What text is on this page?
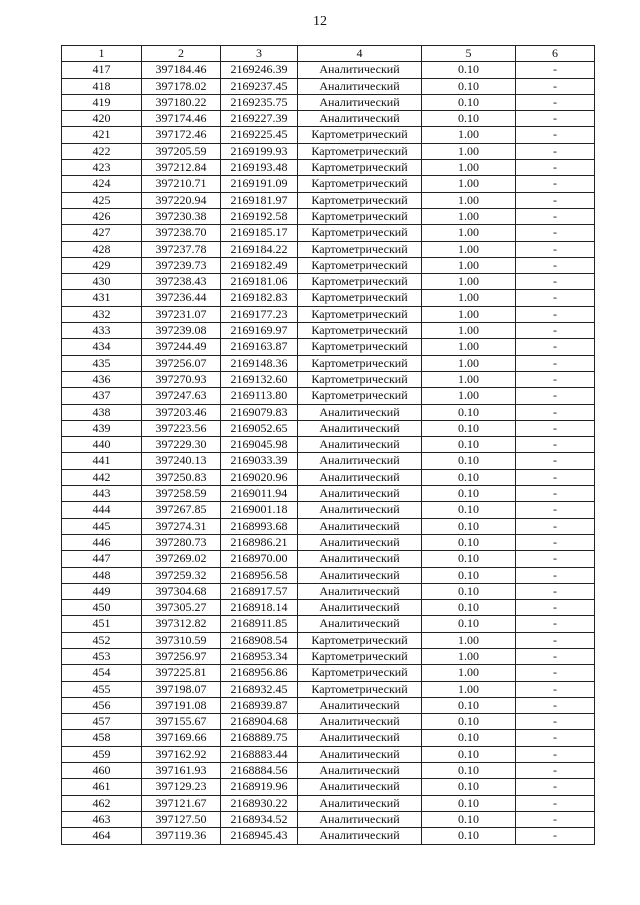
12
1	2	3	4	5	6
417	397184.46	2169246.39	Аналитический	0.10	-
418	397178.02	2169237.45	Аналитический	0.10	-
419	397180.22	2169235.75	Аналитический	0.10	-
420	397174.46	2169227.39	Аналитический	0.10	-
421	397172.46	2169225.45	Картометрический	1.00	-
422	397205.59	2169199.93	Картометрический	1.00	-
423	397212.84	2169193.48	Картометрический	1.00	-
424	397210.71	2169191.09	Картометрический	1.00	-
425	397220.94	2169181.97	Картометрический	1.00	-
426	397230.38	2169192.58	Картометрический	1.00	-
427	397238.70	2169185.17	Картометрический	1.00	-
428	397237.78	2169184.22	Картометрический	1.00	-
429	397239.73	2169182.49	Картометрический	1.00	-
430	397238.43	2169181.06	Картометрический	1.00	-
431	397236.44	2169182.83	Картометрический	1.00	-
432	397231.07	2169177.23	Картометрический	1.00	-
433	397239.08	2169169.97	Картометрический	1.00	-
434	397244.49	2169163.87	Картометрический	1.00	-
435	397256.07	2169148.36	Картометрический	1.00	-
436	397270.93	2169132.60	Картометрический	1.00	-
437	397247.63	2169113.80	Картометрический	1.00	-
438	397203.46	2169079.83	Аналитический	0.10	-
439	397223.56	2169052.65	Аналитический	0.10	-
440	397229.30	2169045.98	Аналитический	0.10	-
441	397240.13	2169033.39	Аналитический	0.10	-
442	397250.83	2169020.96	Аналитический	0.10	-
443	397258.59	2169011.94	Аналитический	0.10	-
444	397267.85	2169001.18	Аналитический	0.10	-
445	397274.31	2168993.68	Аналитический	0.10	-
446	397280.73	2168986.21	Аналитический	0.10	-
447	397269.02	2168970.00	Аналитический	0.10	-
448	397259.32	2168956.58	Аналитический	0.10	-
449	397304.68	2168917.57	Аналитический	0.10	-
450	397305.27	2168918.14	Аналитический	0.10	-
451	397312.82	2168911.85	Аналитический	0.10	-
452	397310.59	2168908.54	Картометрический	1.00	-
453	397256.97	2168953.34	Картометрический	1.00	-
454	397225.81	2168956.86	Картометрический	1.00	-
455	397198.07	2168932.45	Картометрический	1.00	-
456	397191.08	2168939.87	Аналитический	0.10	-
457	397155.67	2168904.68	Аналитический	0.10	-
458	397169.66	2168889.75	Аналитический	0.10	-
459	397162.92	2168883.44	Аналитический	0.10	-
460	397161.93	2168884.56	Аналитический	0.10	-
461	397129.23	2168919.96	Аналитический	0.10	-
462	397121.67	2168930.22	Аналитический	0.10	-
463	397127.50	2168934.52	Аналитический	0.10	-
464	397119.36	2168945.43	Аналитический	0.10	-
